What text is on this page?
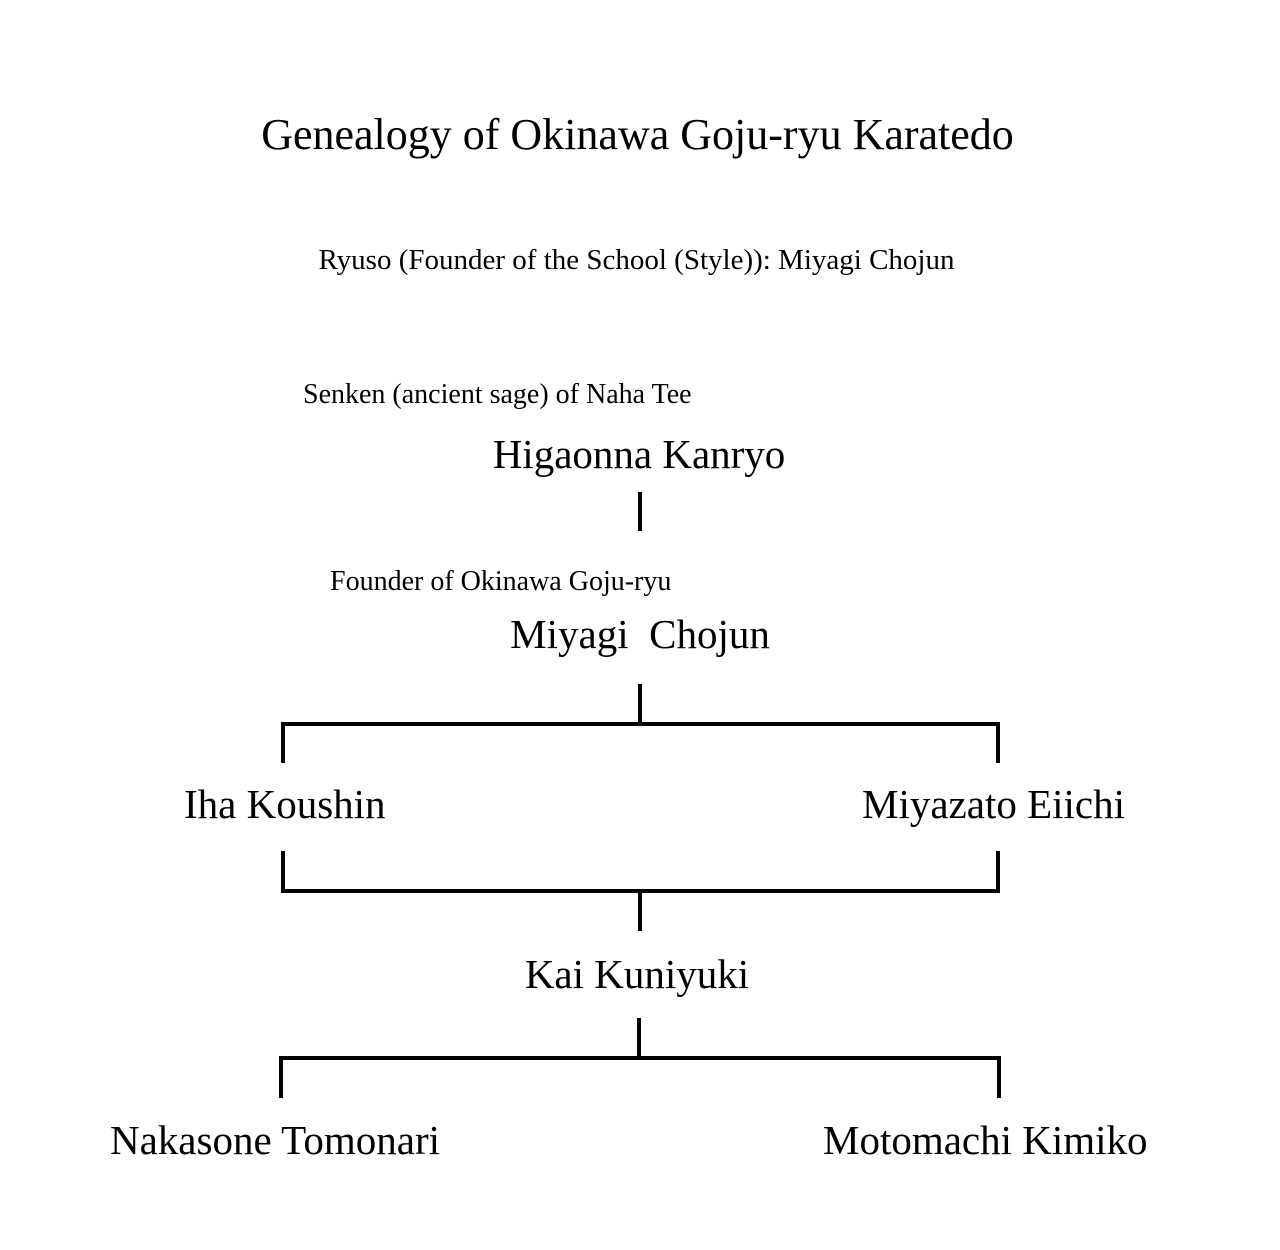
Genealogy of Okinawa Goju-ryu Karatedo
Ryuso (Founder of the School (Style)): Miyagi Chojun
Senken (ancient sage) of Naha Tee
Higaonna Kanryo
Founder of Okinawa Goju-ryu
Miyagi  Chojun
Iha Koushin	Miyazato Eiichi
Kai Kuniyuki
Nakasone Tomonari	Motomachi Kimiko
